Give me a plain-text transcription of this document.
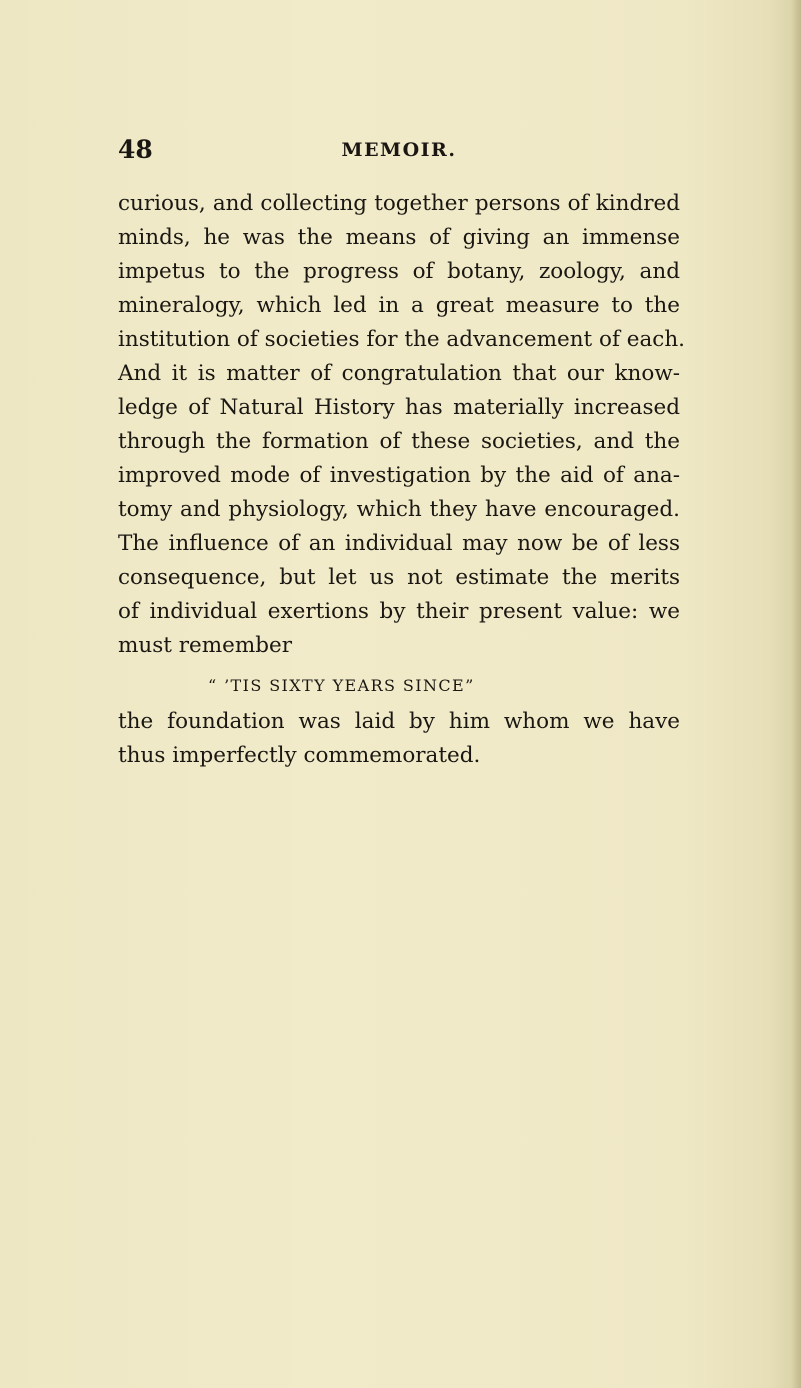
48	MEMOIR.
curious, and collecting together persons of kindred
minds, he was the means of giving an immense
impetus to the progress of botany, zoology, and
mineralogy, which led in a great measure to the
institution of societies for the advancement of each.
And it is matter of congratulation that our know-
ledge of Natural History has materially increased
through the formation of these societies, and the
improved mode of investigation by the aid of ana-
tomy and physiology, which they have encouraged.
The influence of an individual may now be of less
consequence, but let us not estimate the merits
of individual exertions by their present value: we
must remember
“ ’TIS SIXTY YEARS SINCE”
the foundation was laid by him whom we have
thus imperfectly commemorated.
